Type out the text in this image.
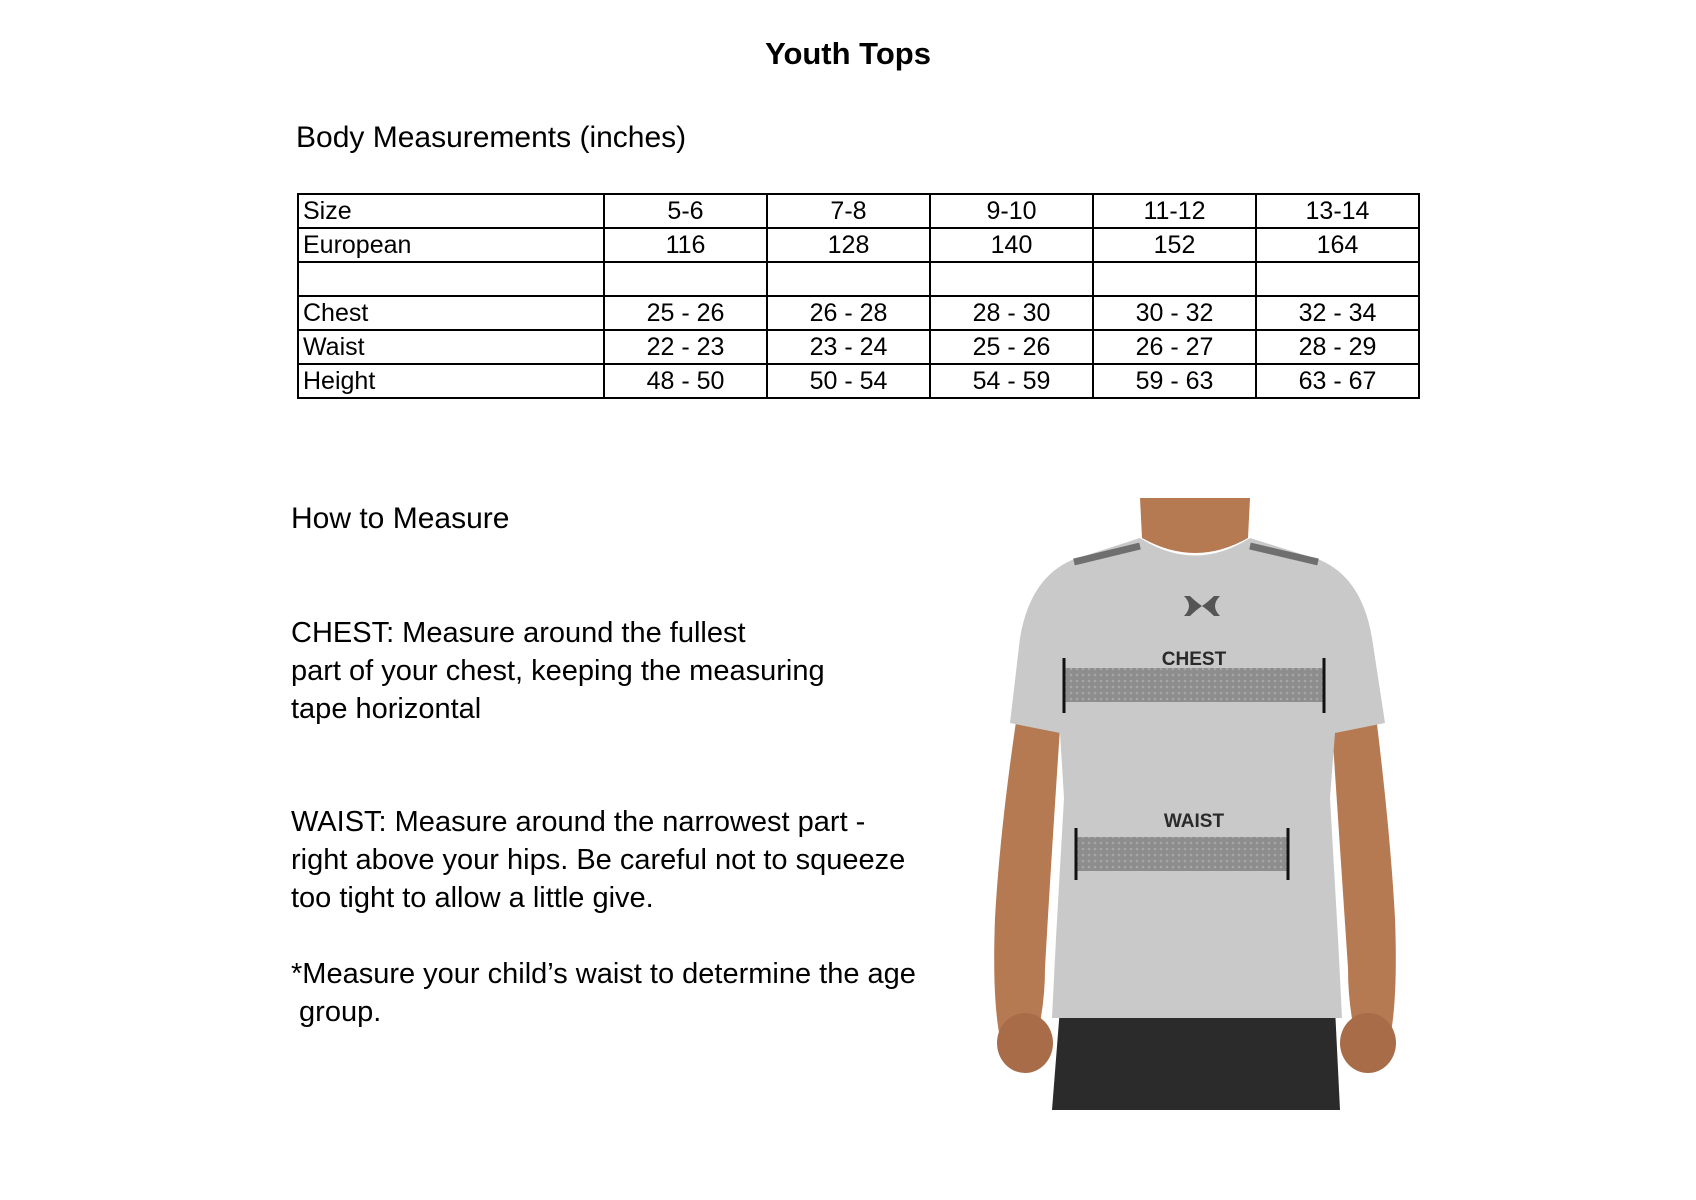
Youth Tops
Body Measurements (inches)
Size	5-6	7-8	9-10	11-12	13-14
European	116	128	140	152	164

Chest	25 - 26	26 - 28	28 - 30	30 - 32	32 - 34
Waist	22 - 23	23 - 24	25 - 26	26 - 27	28 - 29
Height	48 - 50	50 - 54	54 - 59	59 - 63	63 - 67
How to Measure

CHEST: Measure around the fullest

part of your chest, keeping the measuring

tape horizontal

WAIST: Measure around the narrowest part -

right above your hips. Be careful not to squeeze

too tight to allow a little give.

*Measure your child’s waist to determine the age

group.

CHEST
WAIST
